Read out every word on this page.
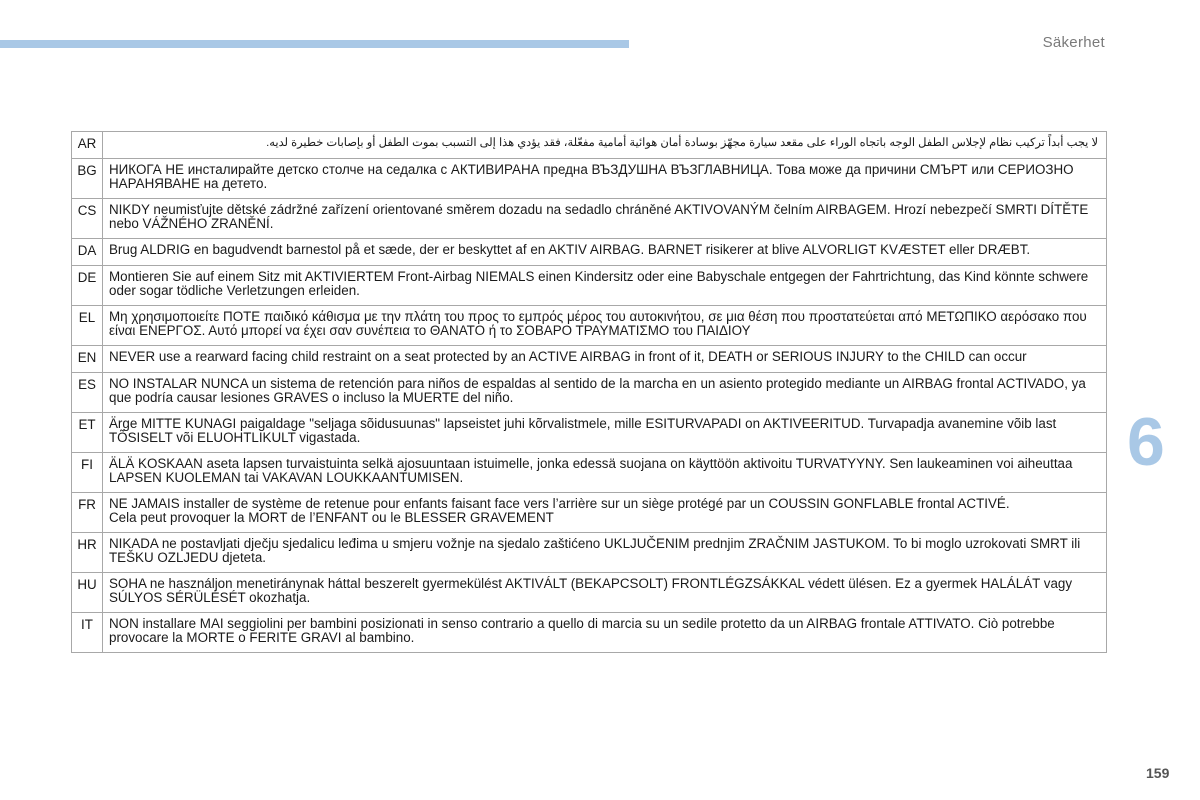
Säkerhet
6
AR	لا يجب أبداً تركيب نظام لإجلاس الطفل الوجه باتجاه الوراء على مقعد سيارة مجهّز بوسادة أمان هوائية أمامية مفعّلة، فقد يؤدي هذا إلى التسبب بموت الطفل أو بإصابات خطيرة لديه.
BG	НИКОГА НЕ инсталирайте детско столче на седалка с АКТИВИРАНА предна ВЪЗДУШНА ВЪЗГЛАВНИЦА. Това може да причини СМЪРТ или СЕРИОЗНО НАРАНЯВАНЕ на детето.
CS	NIKDY neumisťujte dětské zádržné zařízení orientované směrem dozadu na sedadlo chráněné AKTIVOVANÝM čelním AIRBAGEM. Hrozí nebezpečí SMRTI DÍTĚTE nebo VÁŽNÉHO ZRANĚNÍ.
DA	Brug ALDRIG en bagudvendt barnestol på et sæde, der er beskyttet af en AKTIV AIRBAG. BARNET risikerer at blive ALVORLIGT KVÆSTET eller DRÆBT.
DE	Montieren Sie auf einem Sitz mit AKTIVIERTEM Front-Airbag NIEMALS einen Kindersitz oder eine Babyschale entgegen der Fahrtrichtung, das Kind könnte schwere oder sogar tödliche Verletzungen erleiden.
EL	Μη χρησιμοποιείτε ΠΟΤΕ παιδικό κάθισμα με την πλάτη του προς το εμπρός μέρος του αυτοκινήτου, σε μια θέση που προστατεύεται από ΜΕΤΩΠΙΚΟ αερόσακο που είναι ΕΝΕΡΓΟΣ. Αυτό μπορεί να έχει σαν συνέπεια το ΘΑΝΑΤΟ ή το ΣΟΒΑΡΟ ΤΡΑΥΜΑΤΙΣΜΟ του ΠΑΙΔΙΟΥ
EN	NEVER use a rearward facing child restraint on a seat protected by an ACTIVE AIRBAG in front of it, DEATH or SERIOUS INJURY to the CHILD can occur
ES	NO INSTALAR NUNCA un sistema de retención para niños de espaldas al sentido de la marcha en un asiento protegido mediante un AIRBAG frontal ACTIVADO, ya que podría causar lesiones GRAVES o incluso la MUERTE del niño.
ET	Ärge MITTE KUNAGI paigaldage "seljaga sõidusuunas" lapseistet juhi kõrvalistmele, mille ESITURVAPADI on AKTIVEERITUD. Turvapadja avanemine võib last TÕSISELT või ELUOHTLIKULT vigastada.
FI	ÄLÄ KOSKAAN aseta lapsen turvaistuinta selkä ajosuuntaan istuimelle, jonka edessä suojana on käyttöön aktivoitu TURVATYYNY. Sen laukeaminen voi aiheuttaa LAPSEN KUOLEMAN tai VAKAVAN LOUKKAANTUMISEN.
FR	NE JAMAIS installer de système de retenue pour enfants faisant face vers l’arrière sur un siège protégé par un COUSSIN GONFLABLE frontal ACTIVÉ.
Cela peut provoquer la MORT de l’ENFANT ou le BLESSER GRAVEMENT
HR	NIKADA ne postavljati dječju sjedalicu leđima u smjeru vožnje na sjedalo zaštićeno UKLJUČENIM prednjim ZRAČNIM JASTUKOM. To bi moglo uzrokovati SMRT ili TEŠKU OZLJEDU djeteta.
HU	SOHA ne használjon menetiránynak háttal beszerelt gyermekülést AKTIVÁLT (BEKAPCSOLT) FRONTLÉGZSÁKKAL védett ülésen. Ez a gyermek HALÁLÁT vagy SÚLYOS SÉRÜLÉSÉT okozhatja.
IT	NON installare MAI seggiolini per bambini posizionati in senso contrario a quello di marcia su un sedile protetto da un AIRBAG frontale ATTIVATO. Ciò potrebbe provocare la MORTE o FERITE GRAVI al bambino.
159
